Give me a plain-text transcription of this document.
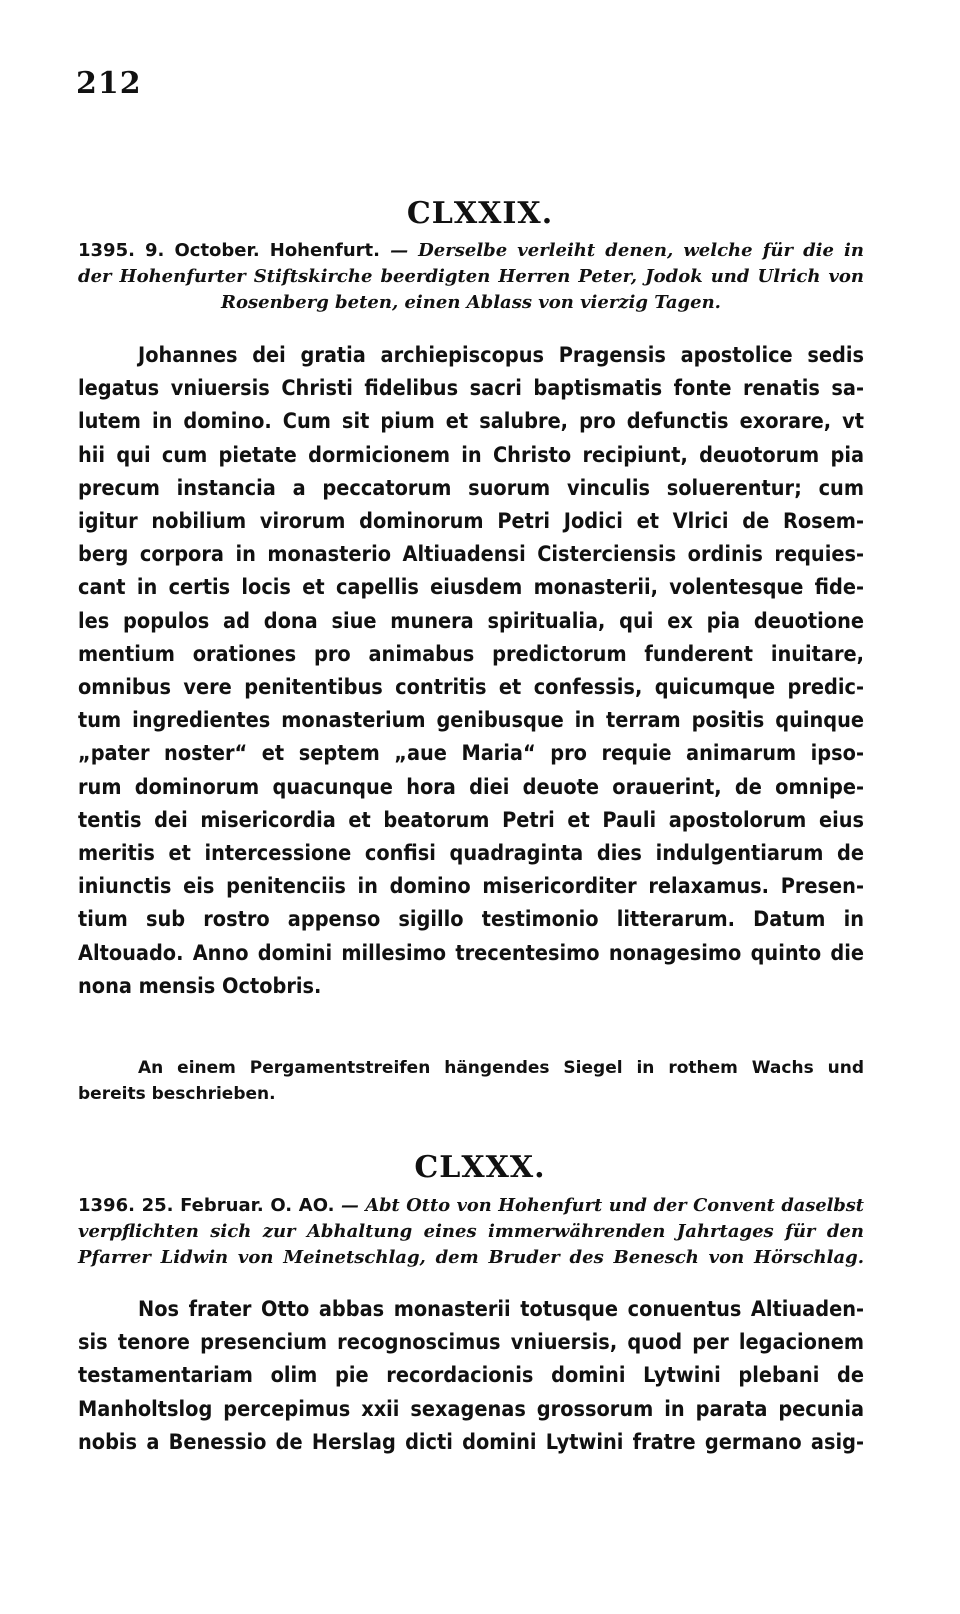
212
CLXXIX.
1395. 9. October. Hohenfurt. — Derselbe verleiht denen, welche für die in
der Hohenfurter Stiftskirche beerdigten Herren Peter, Jodok und Ulrich von
Rosenberg beten, einen Ablass von vierzig Tagen.
Johannes dei gratia archiepiscopus Pragensis apostolice sedis
legatus vniuersis Christi fidelibus sacri baptismatis fonte renatis sa-
lutem in domino. Cum sit pium et salubre, pro defunctis exorare, vt
hii qui cum pietate dormicionem in Christo recipiunt, deuotorum pia
precum instancia a peccatorum suorum vinculis soluerentur; cum
igitur nobilium virorum dominorum Petri Jodici et Vlrici de Rosem-
berg corpora in monasterio Altiuadensi Cisterciensis ordinis requies-
cant in certis locis et capellis eiusdem monasterii, volentesque fide-
les populos ad dona siue munera spiritualia, qui ex pia deuotione
mentium orationes pro animabus predictorum funderent inuitare,
omnibus vere penitentibus contritis et confessis, quicumque predic-
tum ingredientes monasterium genibusque in terram positis quinque
„pater noster“ et septem „aue Maria“ pro requie animarum ipso-
rum dominorum quacunque hora diei deuote orauerint, de omnipe-
tentis dei misericordia et beatorum Petri et Pauli apostolorum eius
meritis et intercessione confisi quadraginta dies indulgentiarum de
iniunctis eis penitenciis in domino misericorditer relaxamus. Presen-
tium sub rostro appenso sigillo testimonio litterarum. Datum in
Altouado. Anno domini millesimo trecentesimo nonagesimo quinto die
nona mensis Octobris.
An einem Pergamentstreifen hängendes Siegel in rothem Wachs und
bereits beschrieben.
CLXXX.
1396. 25. Februar. O. AO. — Abt Otto von Hohenfurt und der Convent daselbst
verpflichten sich zur Abhaltung eines immerwährenden Jahrtages für den
Pfarrer Lidwin von Meinetschlag, dem Bruder des Benesch von Hörschlag.
Nos frater Otto abbas monasterii totusque conuentus Altiuaden-
sis tenore presencium recognoscimus vniuersis, quod per legacionem
testamentariam olim pie recordacionis domini Lytwini plebani de
Manholtslog percepimus xxii sexagenas grossorum in parata pecunia
nobis a Benessio de Herslag dicti domini Lytwini fratre germano asig-
